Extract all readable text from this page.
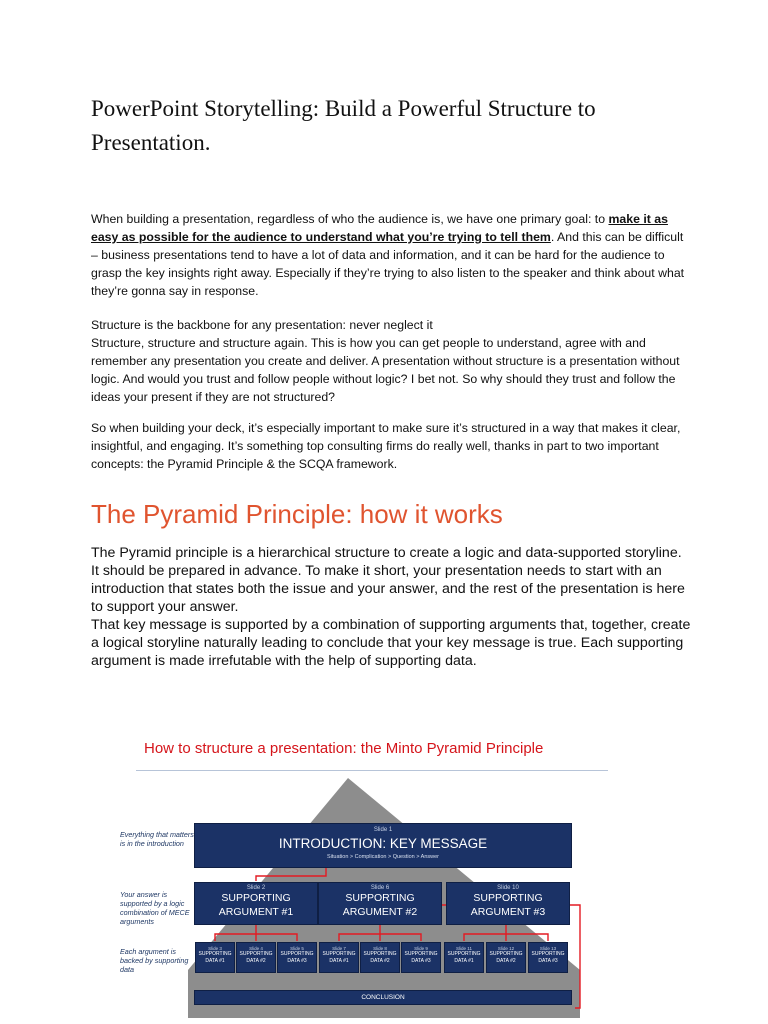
PowerPoint Storytelling: Build a Powerful Structure to Presentation.

When building a presentation, regardless of who the audience is, we have one primary goal: to make it as easy as possible for the audience to understand what you’re trying to tell them. And this can be difficult – business presentations tend to have a lot of data and information, and it can be hard for the audience to grasp the key insights right away. Especially if they’re trying to also listen to the speaker and think about what they’re gonna say in response.

Structure is the backbone for any presentation: never neglect it

Structure, structure and structure again. This is how you can get people to understand, agree with and remember any presentation you create and deliver. A presentation without structure is a presentation without logic. And would you trust and follow people without logic? I bet not. So why should they trust and follow the ideas your present if they are not structured?

So when building your deck, it’s especially important to make sure it’s structured in a way that makes it clear, insightful, and engaging. It’s something top consulting firms do really well, thanks in part to two important concepts: the Pyramid Principle & the SCQA framework.

The Pyramid Principle: how it works

The Pyramid principle is a hierarchical structure to create a logic and data-supported storyline. It should be prepared in advance. To make it short, your presentation needs to start with an introduction that states both the issue and your answer, and the rest of the presentation is here to support your answer.

That key message is supported by a combination of supporting arguments that, together, create a logical storyline naturally leading to conclude that your key message is true. Each supporting argument is made irrefutable with the help of supporting data.

How to structure a presentation: the Minto Pyramid Principle
Everything that matters is in the introduction
Your answer is supported by a logic combination of MECE arguments
Each argument is backed by supporting data
Slide 1
INTRODUCTION: KEY MESSAGE
Situation > Complication > Question > Answer
Slide 2
SUPPORTING
ARGUMENT #1
Slide 6
SUPPORTING
ARGUMENT #2
Slide 10
SUPPORTING
ARGUMENT #3
Slide 3
SUPPORTING
DATA #1
Slide 4
SUPPORTING
DATA #2
Slide 5
SUPPORTING
DATA #3
Slide 7
SUPPORTING
DATA #1
Slide 8
SUPPORTING
DATA #2
Slide 9
SUPPORTING
DATA #3
Slide 11
SUPPORTING
DATA #1
Slide 12
SUPPORTING
DATA #2
Slide 13
SUPPORTING
DATA #3
CONCLUSION
